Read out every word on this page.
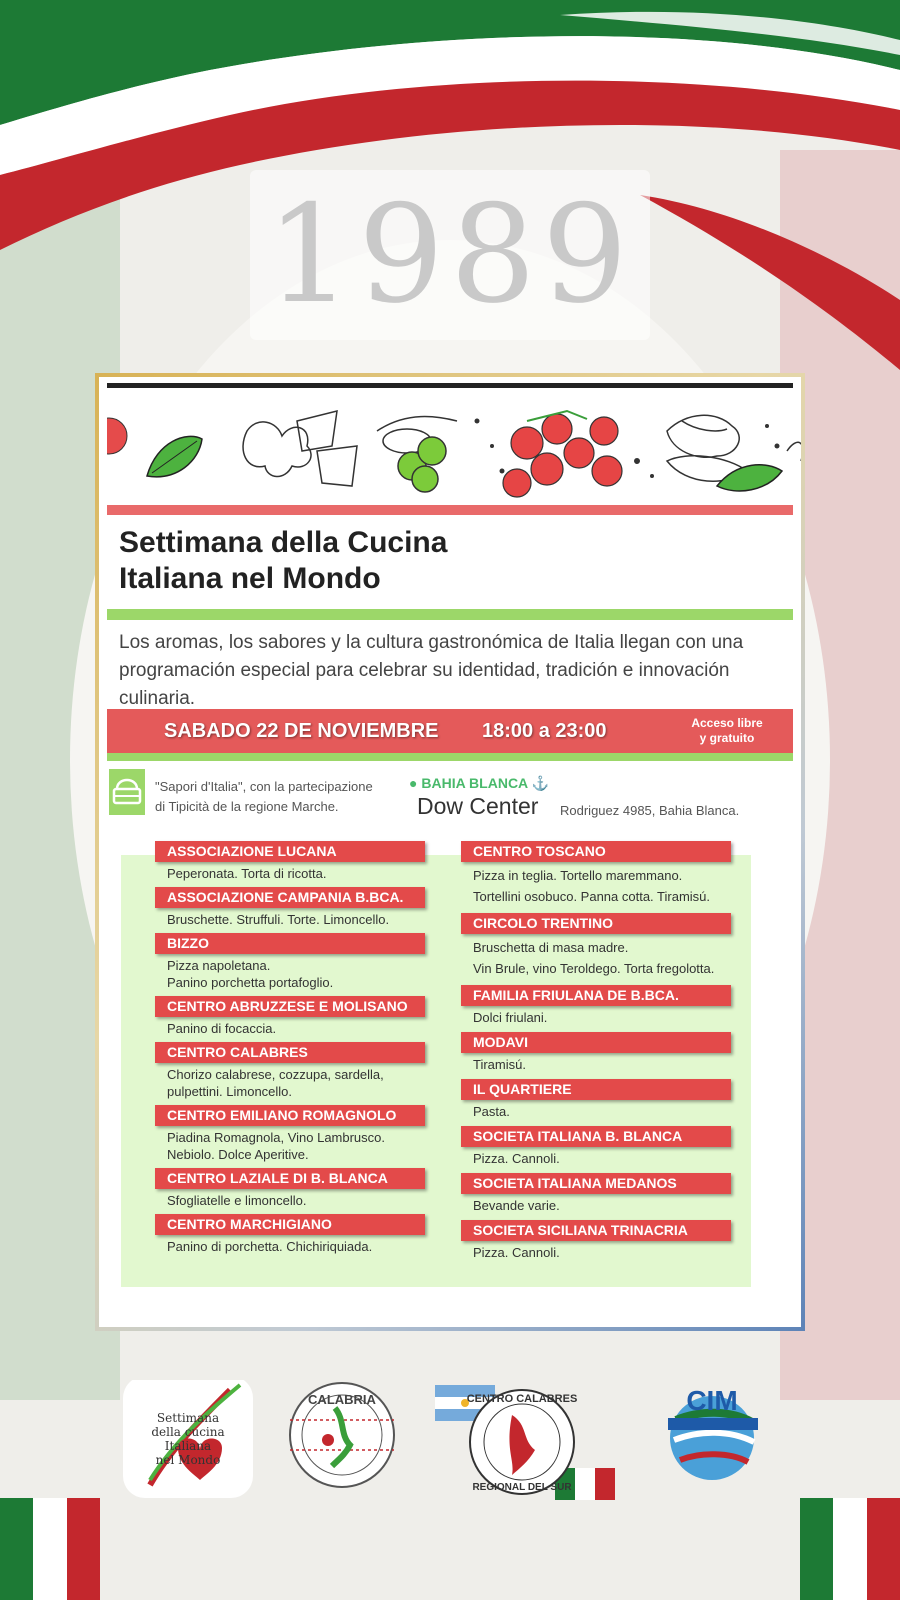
1989
Settimana della Cucina
Italiana nel Mondo

Los aromas, los sabores y la cultura gastronómica de Italia llegan con una programación especial para celebrar su identidad, tradición e innovación culinaria.

SABADO 22 DE NOVIEMBRE 18:00 a 23:00	Acceso libre
y gratuito

"Sapori d'Italia", con la partecipazione
di Tipicità de la regione Marche.

● BAHIA BLANCA ⚓
Dow Center Rodriguez 4985, Bahia Blanca.
ASSOCIAZIONE LUCANA
Peperonata. Torta di ricotta.
ASSOCIAZIONE CAMPANIA B.BCA.
Bruschette. Struffuli. Torte. Limoncello.
BIZZO
Pizza napoletana.
Panino porchetta portafoglio.
CENTRO ABRUZZESE E MOLISANO
Panino di focaccia.
CENTRO CALABRES
Chorizo calabrese, cozzupa, sardella,
pulpettini. Limoncello.
CENTRO EMILIANO ROMAGNOLO
Piadina Romagnola, Vino Lambrusco.
Nebiolo. Dolce Aperitive.
CENTRO LAZIALE DI B. BLANCA
Sfogliatelle e limoncello.
CENTRO MARCHIGIANO
Panino di porchetta. Chichiriquiada.
CENTRO TOSCANO
Pizza in teglia. Tortello maremmano.
Tortellini osobuco. Panna cotta. Tiramisú.
CIRCOLO TRENTINO
Bruschetta di masa madre.
Vin Brule, vino Teroldego. Torta fregolotta.
FAMILIA FRIULANA DE B.BCA.
Dolci friulani.
MODAVI
Tiramisú.
IL QUARTIERE
Pasta.
SOCIETA ITALIANA B. BLANCA
Pizza. Cannoli.
SOCIETA ITALIANA MEDANOS
Bevande varie.
SOCIETA SICILIANA TRINACRIA
Pizza. Cannoli.
Settimana
della cucina
Italiana
nel Mondo
CALABRIA	CENTRO CALABRES
REGIONAL DEL SUR
CIM
